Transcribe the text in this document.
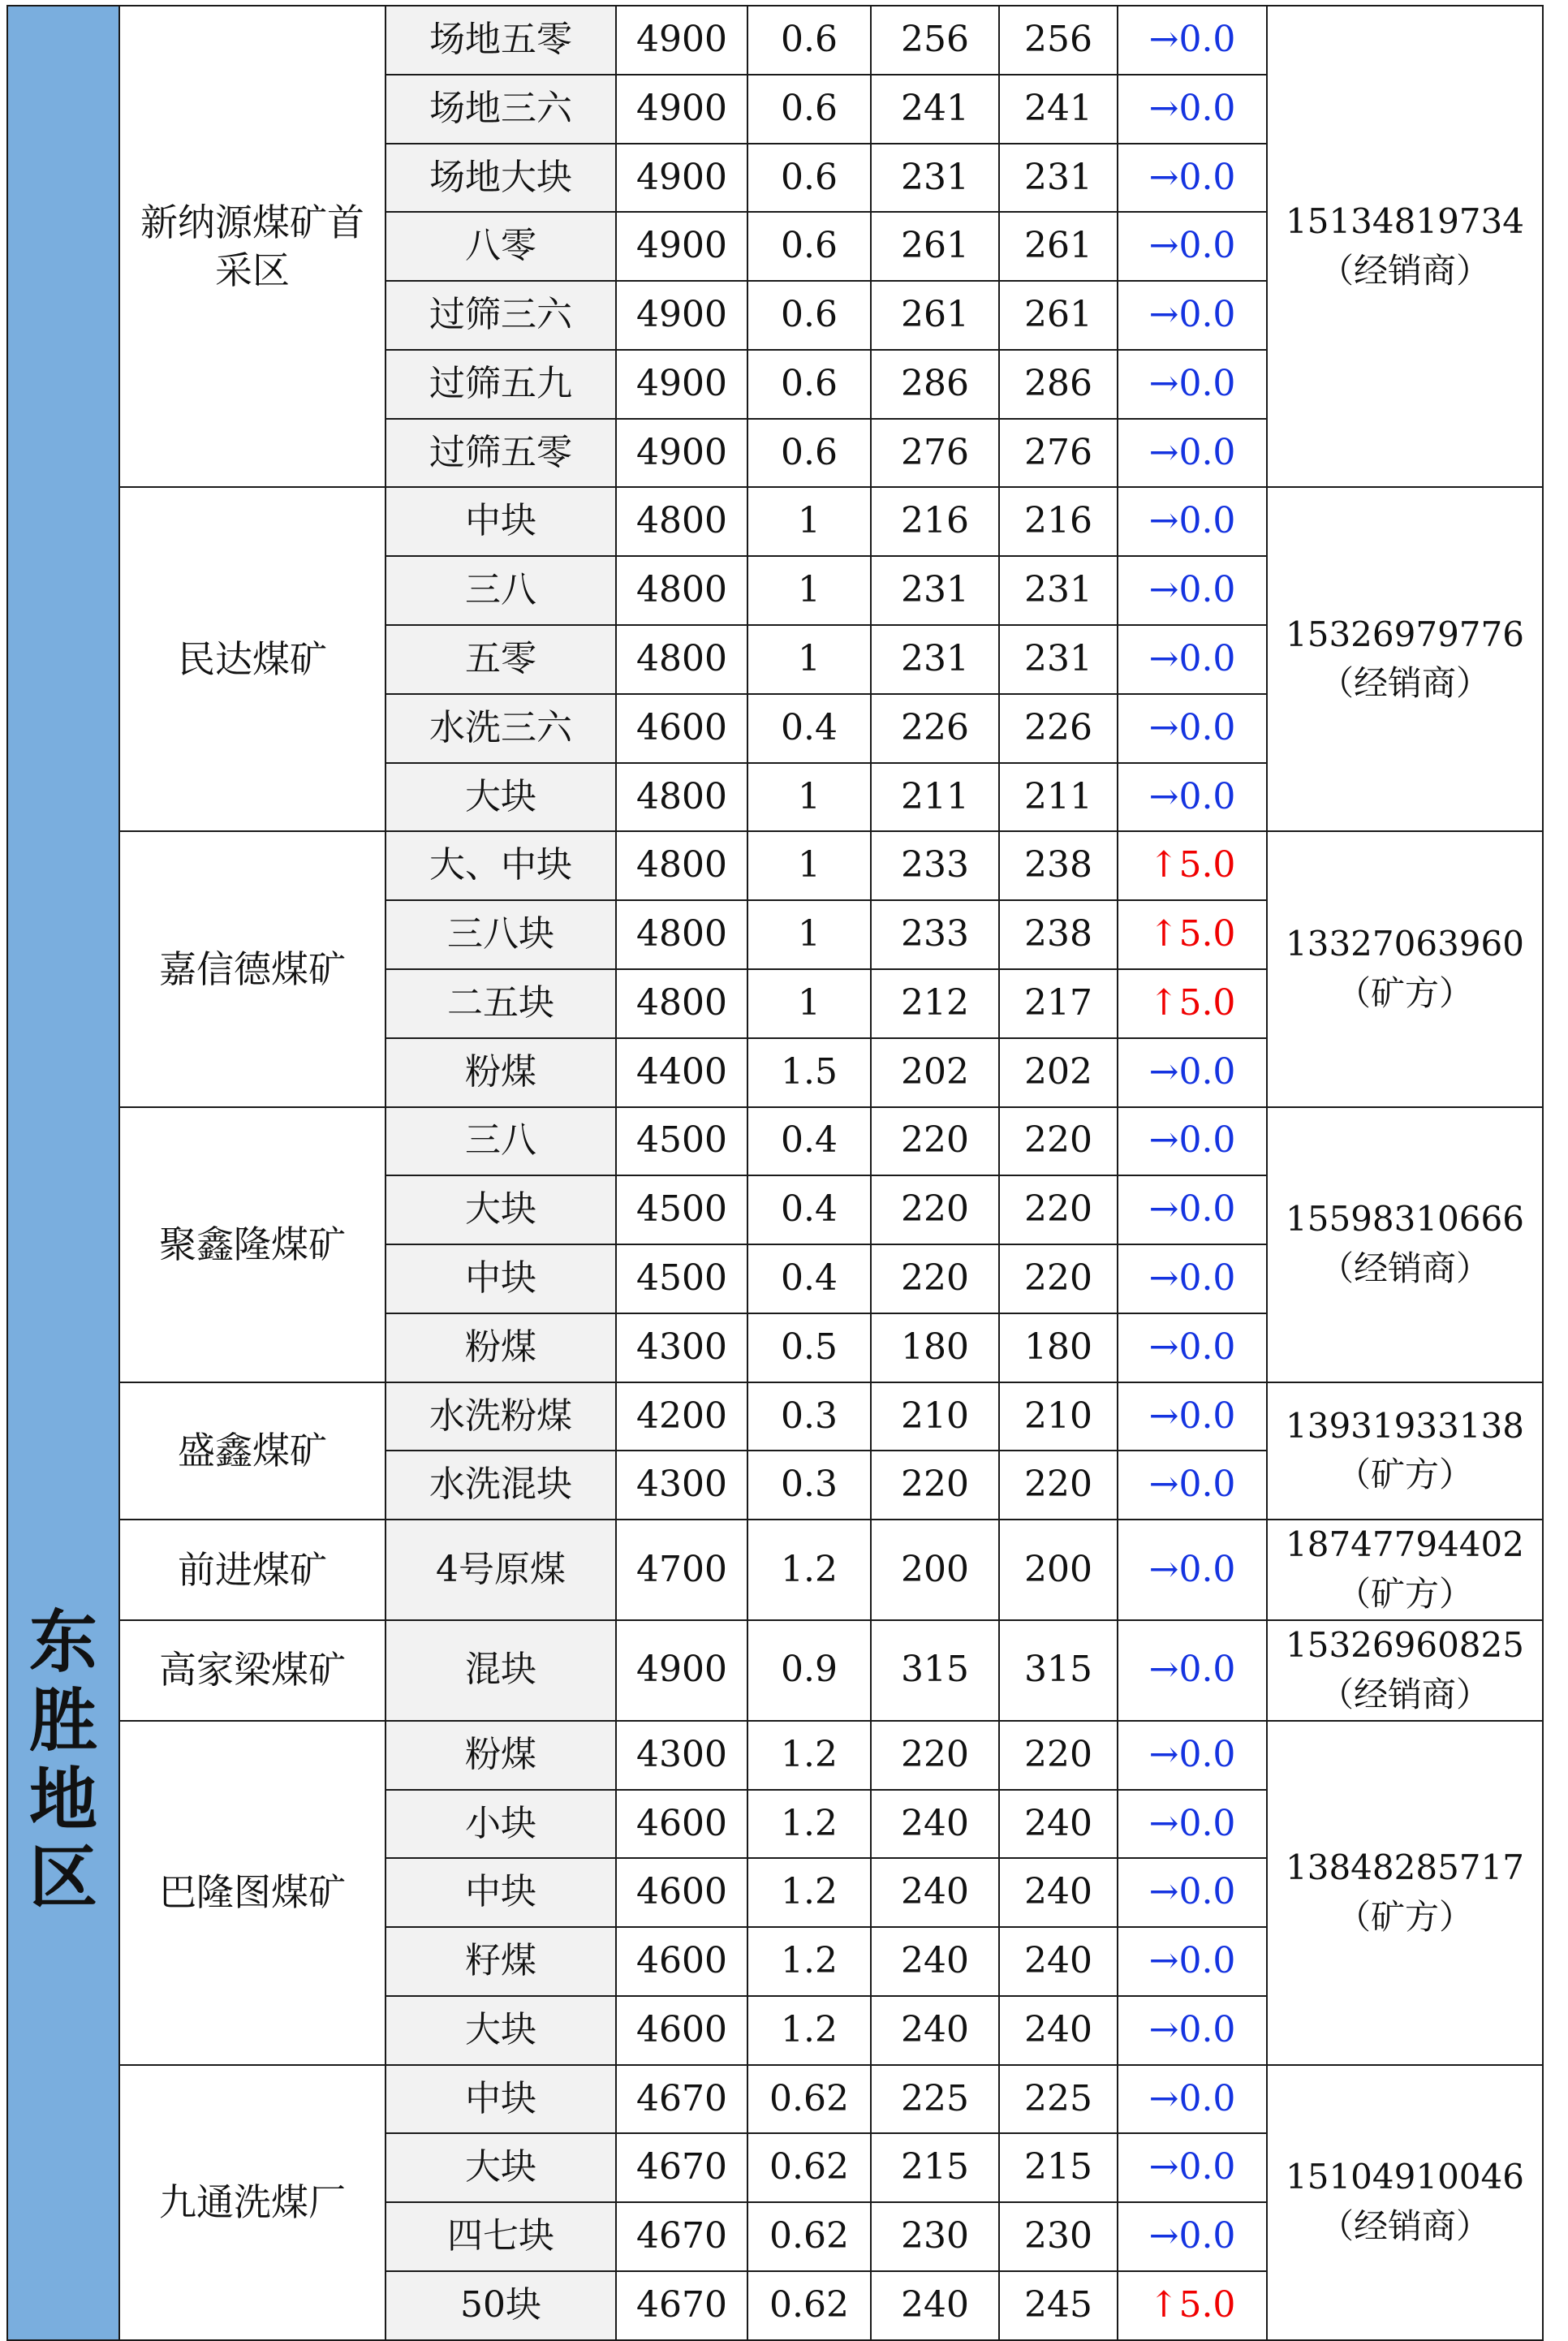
东胜地区	新纳源煤矿首采区	场地五零	4900	0.6	256	256	→0.0	15134819734（经销商）
		场地三六	4900	0.6	241	241	→0.0	
		场地大块	4900	0.6	231	231	→0.0	
		八零	4900	0.6	261	261	→0.0	
		过筛三六	4900	0.6	261	261	→0.0	
		过筛五九	4900	0.6	286	286	→0.0	
		过筛五零	4900	0.6	276	276	→0.0	
	民达煤矿	中块	4800	1	216	216	→0.0	15326979776（经销商）
		三八	4800	1	231	231	→0.0	
		五零	4800	1	231	231	→0.0	
		水洗三六	4600	0.4	226	226	→0.0	
		大块	4800	1	211	211	→0.0	
	嘉信德煤矿	大、中块	4800	1	233	238	↑5.0	13327063960（矿方）
		三八块	4800	1	233	238	↑5.0	
		二五块	4800	1	212	217	↑5.0	
		粉煤	4400	1.5	202	202	→0.0	
	聚鑫隆煤矿	三八	4500	0.4	220	220	→0.0	15598310666（经销商）
		大块	4500	0.4	220	220	→0.0	
		中块	4500	0.4	220	220	→0.0	
		粉煤	4300	0.5	180	180	→0.0	
	盛鑫煤矿	水洗粉煤	4200	0.3	210	210	→0.0	13931933138（矿方）
		水洗混块	4300	0.3	220	220	→0.0	
	前进煤矿	4号原煤	4700	1.2	200	200	→0.0	18747794402（矿方）
	高家梁煤矿	混块	4900	0.9	315	315	→0.0	15326960825（经销商）
	巴隆图煤矿	粉煤	4300	1.2	220	220	→0.0	13848285717（矿方）
		小块	4600	1.2	240	240	→0.0	
		中块	4600	1.2	240	240	→0.0	
		籽煤	4600	1.2	240	240	→0.0	
		大块	4600	1.2	240	240	→0.0	
	九通洗煤厂	中块	4670	0.62	225	225	→0.0	15104910046（经销商）
		大块	4670	0.62	215	215	→0.0	
		四七块	4670	0.62	230	230	→0.0	
		50块	4670	0.62	240	245	↑5.0	
